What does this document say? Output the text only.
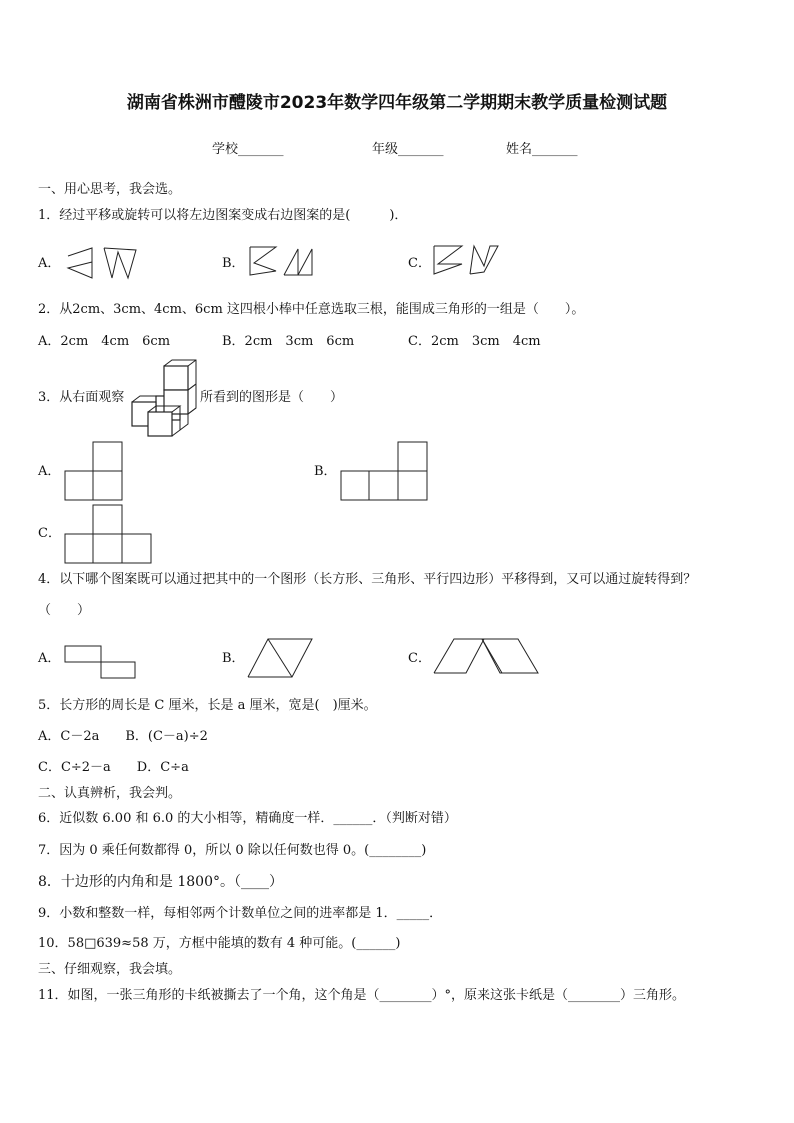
湖南省株洲市醴陵市2023年数学四年级第二学期期末教学质量检测试题
学校_______	年级_______	姓名_______
一、用心思考，我会选。
1．经过平移或旋转可以将左边图案变成右边图案的是(　　　)．
A．	B．	C．
2．从2cm、3cm、4cm、6cm 这四根小棒中任意选取三根，能围成三角形的一组是（　　）。
A．2cm　4cm　6cm	B．2cm　3cm　6cm	C．2cm　3cm　4cm
3．从右面观察	所看到的图形是（　　）
A．	B．
C．
4．以下哪个图案既可以通过把其中的一个图形（长方形、三角形、平行四边形）平移得到，又可以通过旋转得到？
（　　）
A．	B．	C．
5．长方形的周长是 C 厘米，长是 a 厘米，宽是(　)厘米。
A．C－2a　　B．(C－a)÷2
C．C÷2－a　　D．C÷a
二、认真辨析，我会判。
6．近似数 6.00 和 6.0 的大小相等，精确度一样．______．（判断对错）
7．因为 0 乘任何数都得 0，所以 0 除以任何数也得 0。(________)
8．十边形的内角和是 1800°。（____）
9．小数和整数一样，每相邻两个计数单位之间的进率都是 1．_____．
10．58□639≈58 万，方框中能填的数有 4 种可能。(______)
三、仔细观察，我会填。
11．如图，一张三角形的卡纸被撕去了一个角，这个角是（________）°，原来这张卡纸是（________）三角形。
